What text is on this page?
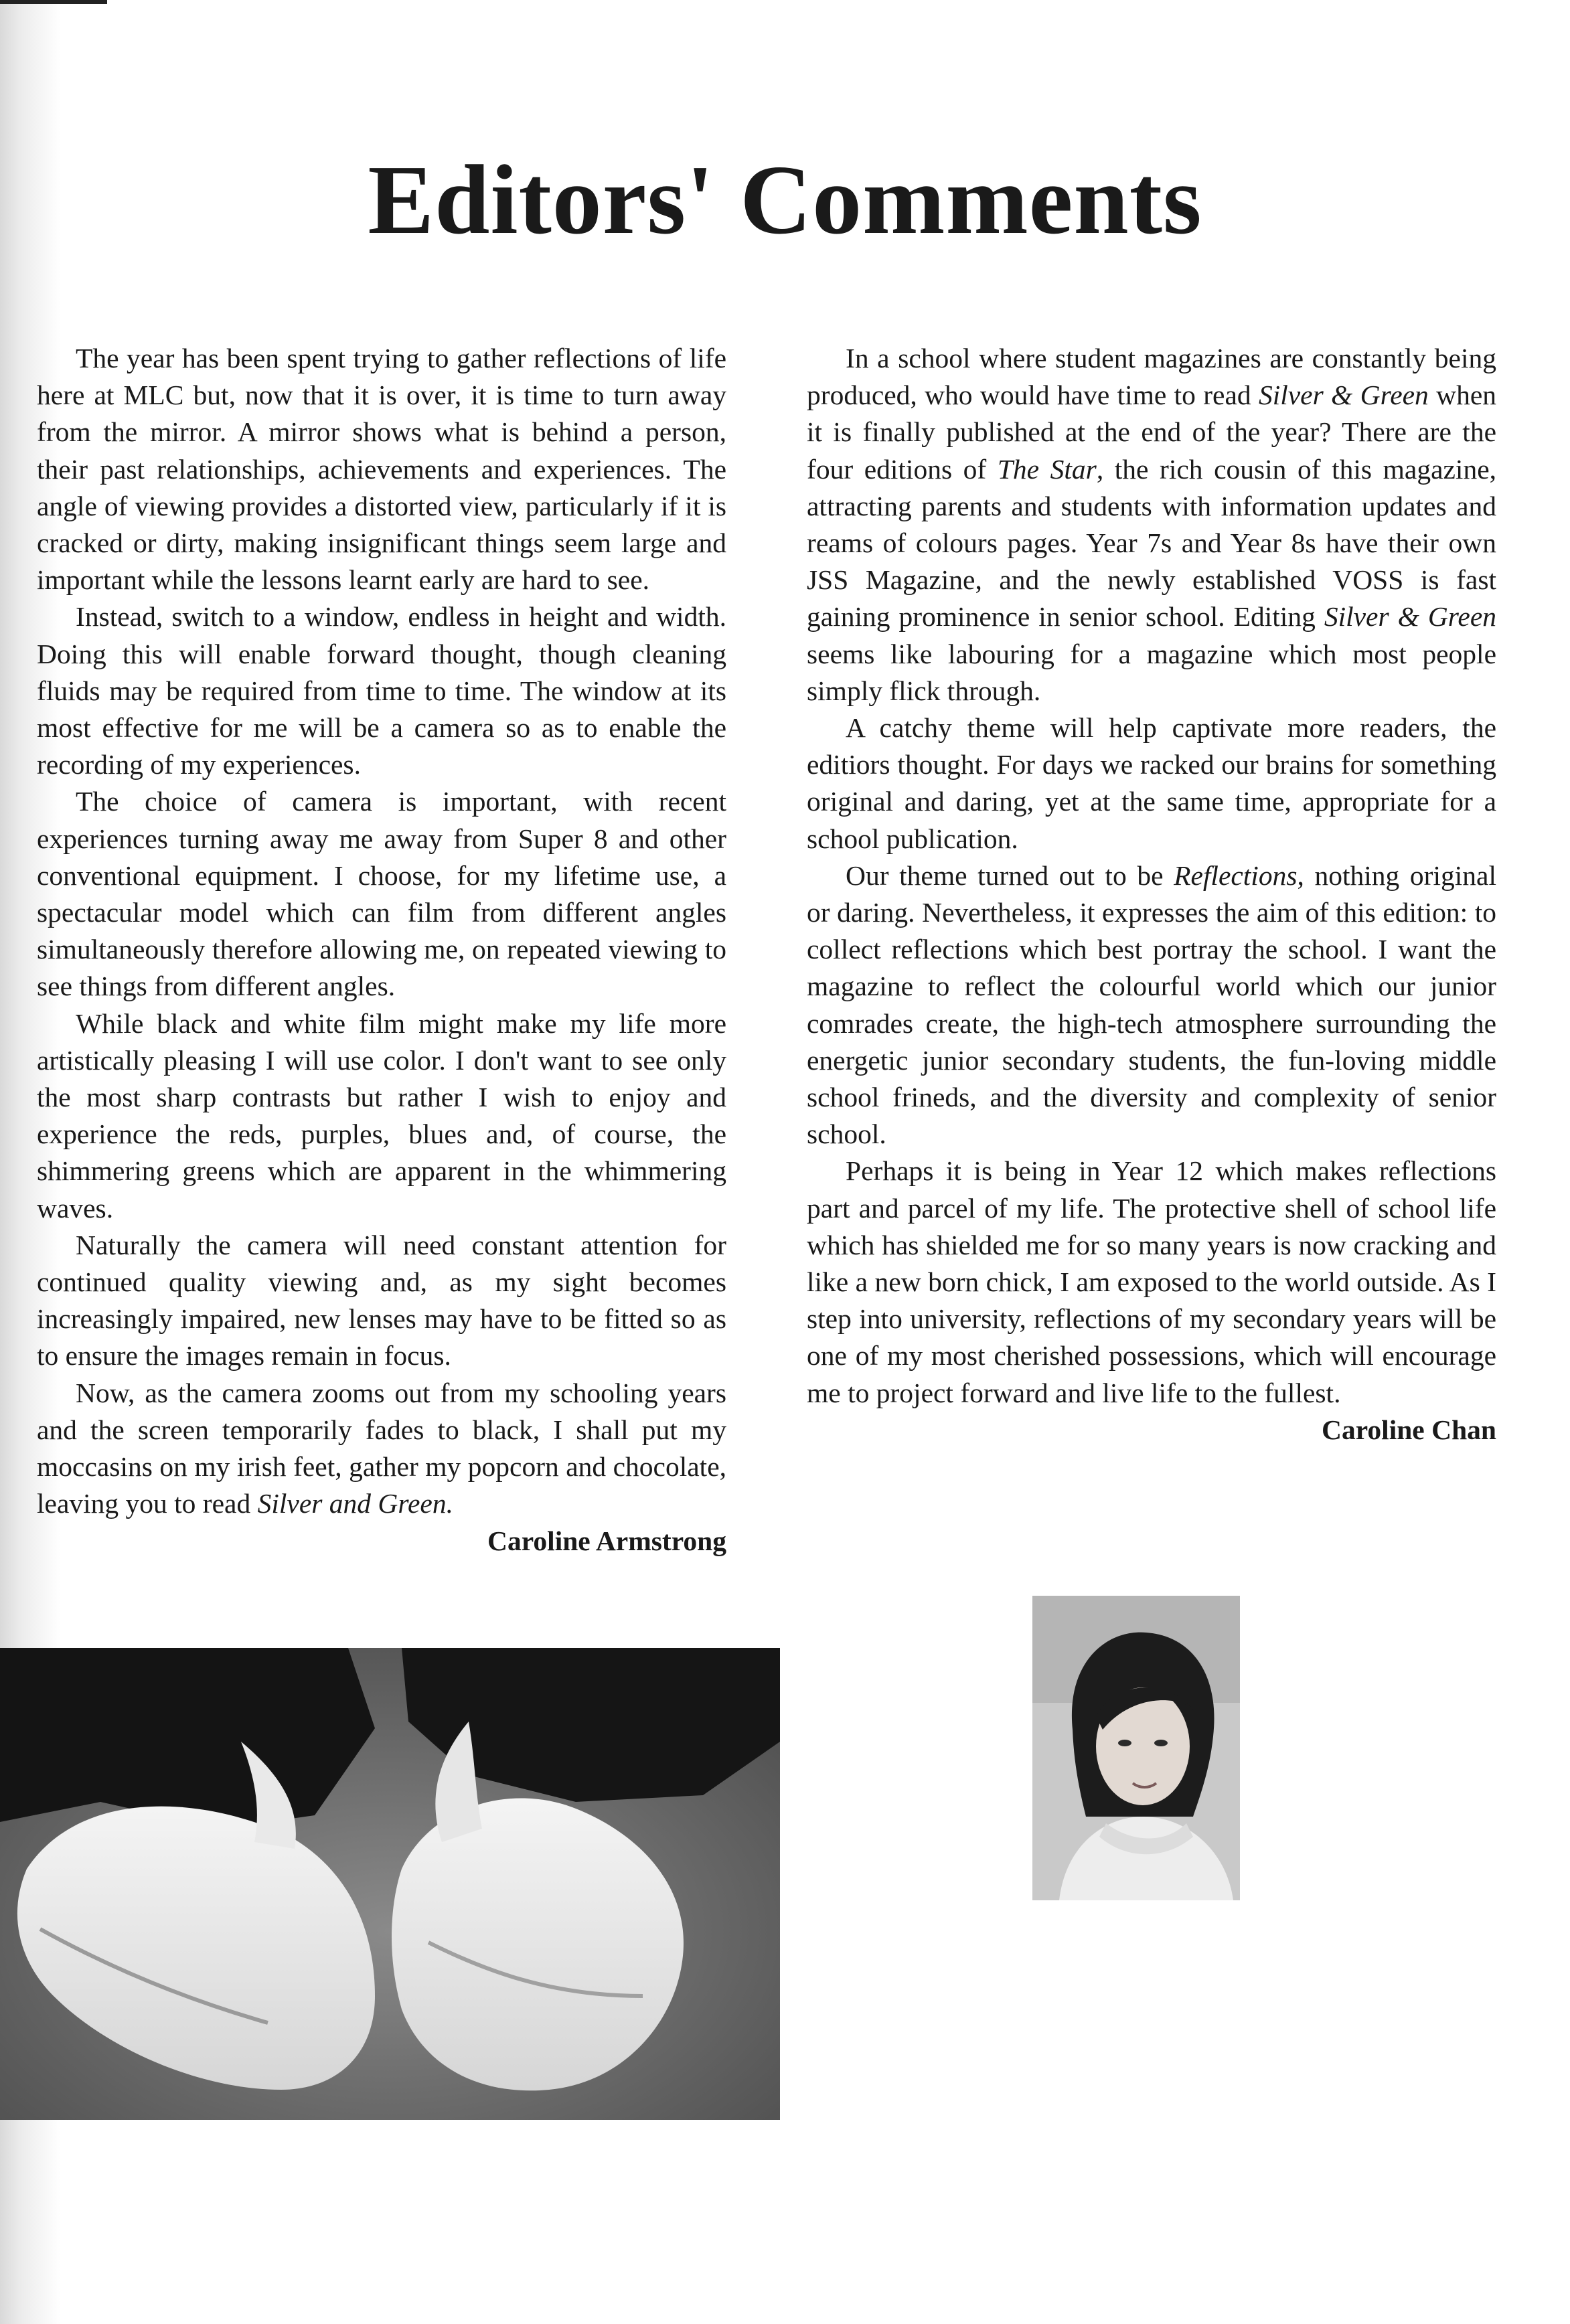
Editors' Comments

The year has been spent trying to gather reflections of life here at MLC but, now that it is over, it is time to turn away from the mirror. A mirror shows what is behind a person, their past relationships, achievements and experiences. The angle of viewing provides a distorted view, particularly if it is cracked or dirty, making insignificant things seem large and important while the lessons learnt early are hard to see.

Instead, switch to a window, endless in height and width. Doing this will enable forward thought, though cleaning fluids may be required from time to time. The window at its most effective for me will be a camera so as to enable the recording of my experiences.

The choice of camera is important, with recent experiences turning away me away from Super 8 and other conventional equipment. I choose, for my lifetime use, a spectacular model which can film from different angles simultaneously therefore allowing me, on repeated viewing to see things from different angles.

While black and white film might make my life more artistically pleasing I will use color. I don't want to see only the most sharp contrasts but rather I wish to enjoy and experience the reds, purples, blues and, of course, the shimmering greens which are apparent in the whimmering waves.

Naturally the camera will need constant attention for continued quality viewing and, as my sight becomes increasingly impaired, new lenses may have to be fitted so as to ensure the images remain in focus.

Now, as the camera zooms out from my schooling years and the screen temporarily fades to black, I shall put my moccasins on my irish feet, gather my popcorn and chocolate, leaving you to read Silver and Green.

Caroline Armstrong

In a school where student magazines are constantly being produced, who would have time to read Silver & Green when it is finally published at the end of the year? There are the four editions of The Star, the rich cousin of this magazine, attracting parents and students with information updates and reams of colours pages. Year 7s and Year 8s have their own JSS Magazine, and the newly established VOSS is fast gaining prominence in senior school. Editing Silver & Green seems like labouring for a magazine which most people simply flick through.

A catchy theme will help captivate more readers, the editiors thought. For days we racked our brains for something original and daring, yet at the same time, appropriate for a school publication.

Our theme turned out to be Reflections, nothing original or daring. Nevertheless, it expresses the aim of this edition: to collect reflections which best portray the school. I want the magazine to reflect the colourful world which our junior comrades create, the high-tech atmosphere surrounding the energetic junior secondary students, the fun-loving middle school frineds, and the diversity and complexity of senior school.

Perhaps it is being in Year 12 which makes reflections part and parcel of my life. The protective shell of school life which has shielded me for so many years is now cracking and like a new born chick, I am exposed to the world outside. As I step into university, reflections of my secondary years will be one of my most cherished possessions, which will encourage me to project forward and live life to the fullest.

Caroline Chan
